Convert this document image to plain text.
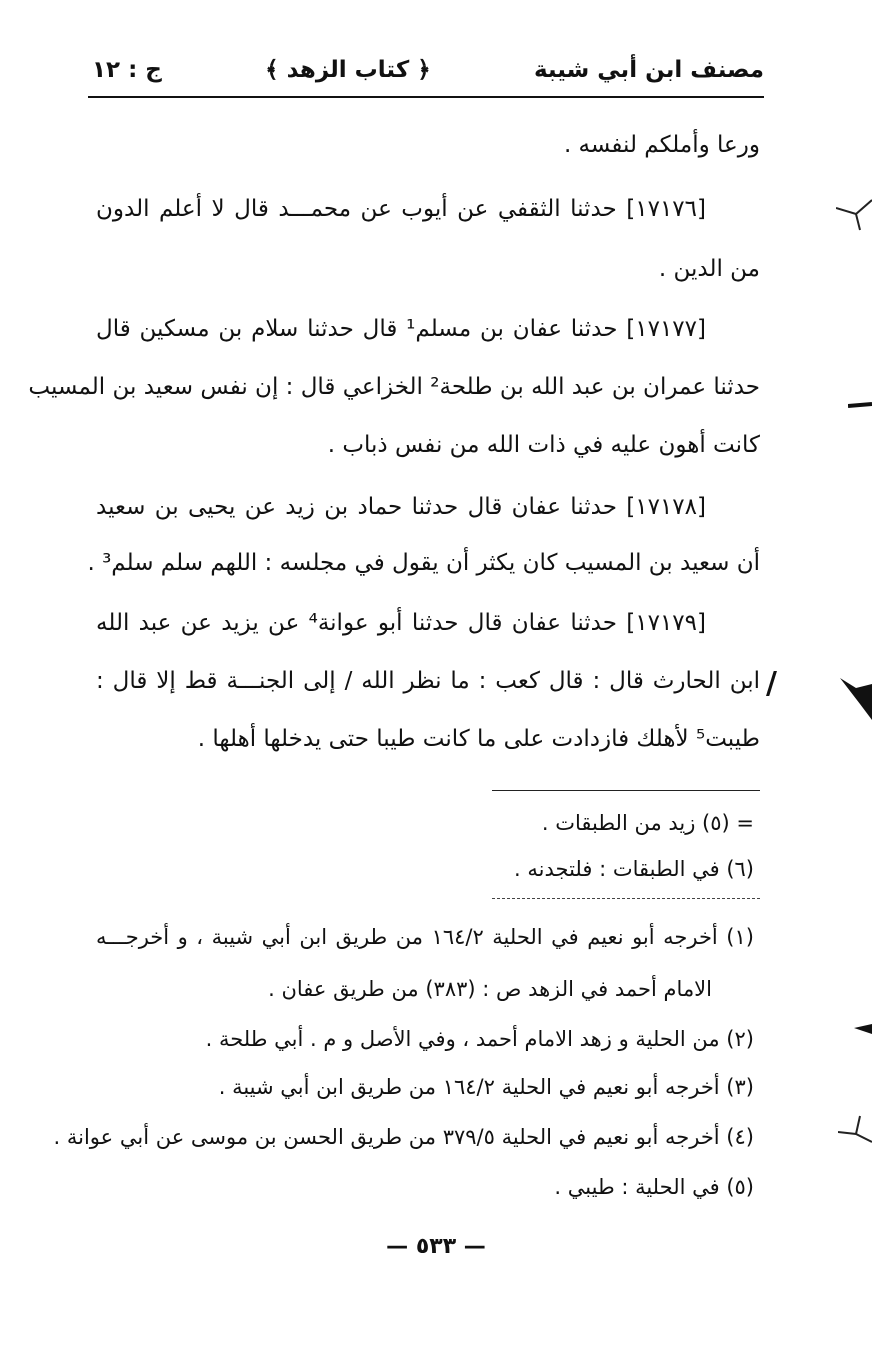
مصنف ابن أبي شيبة
﴿ كتاب الزهد ﴾
ج : ١٢
ورعا وأملكم لنفسه .
[١٧١٧٦] حدثنا الثقفي عن أيوب عن محمـــد قال لا أعلم الدون
من الدين .
[١٧١٧٧] حدثنا عفان بن مسلم¹ قال حدثنا سلام بن مسكين قال
حدثنا عمران بن عبد الله بن طلحة² الخزاعي قال : إن نفس سعيد بن المسيب
كانت أهون عليه في ذات الله من نفس ذباب .
[١٧١٧٨] حدثنا عفان قال حدثنا حماد بن زيد عن يحيى بن سعيد
أن سعيد بن المسيب كان يكثر أن يقول في مجلسه : اللهم سلم سلم³ .
[١٧١٧٩] حدثنا عفان قال حدثنا أبو عوانة⁴ عن يزيد عن عبد الله
ابن الحارث قال : قال كعب : ما نظر الله / إلى الجنـــة قط إلا قال :
طيبت⁵ لأهلك فازدادت على ما كانت طيبا حتى يدخلها أهلها .
/
= (٥) زيد من الطبقات .
(٦) في الطبقات : فلتجدنه .
(١) أخرجه أبو نعيم في الحلية ١٦٤/٢ من طريق ابن أبي شيبة ، و أخرجـــه
الامام أحمد في الزهد ص : (٣٨٣) من طريق عفان .
(٢) من الحلية و زهد الامام أحمد ، وفي الأصل و م . أبي طلحة .
(٣) أخرجه أبو نعيم في الحلية ١٦٤/٢ من طريق ابن أبي شيبة .
(٤) أخرجه أبو نعيم في الحلية ٣٧٩/٥ من طريق الحسن بن موسى عن أبي عوانة .
(٥) في الحلية : طيبي .
— ٥٣٣ —
